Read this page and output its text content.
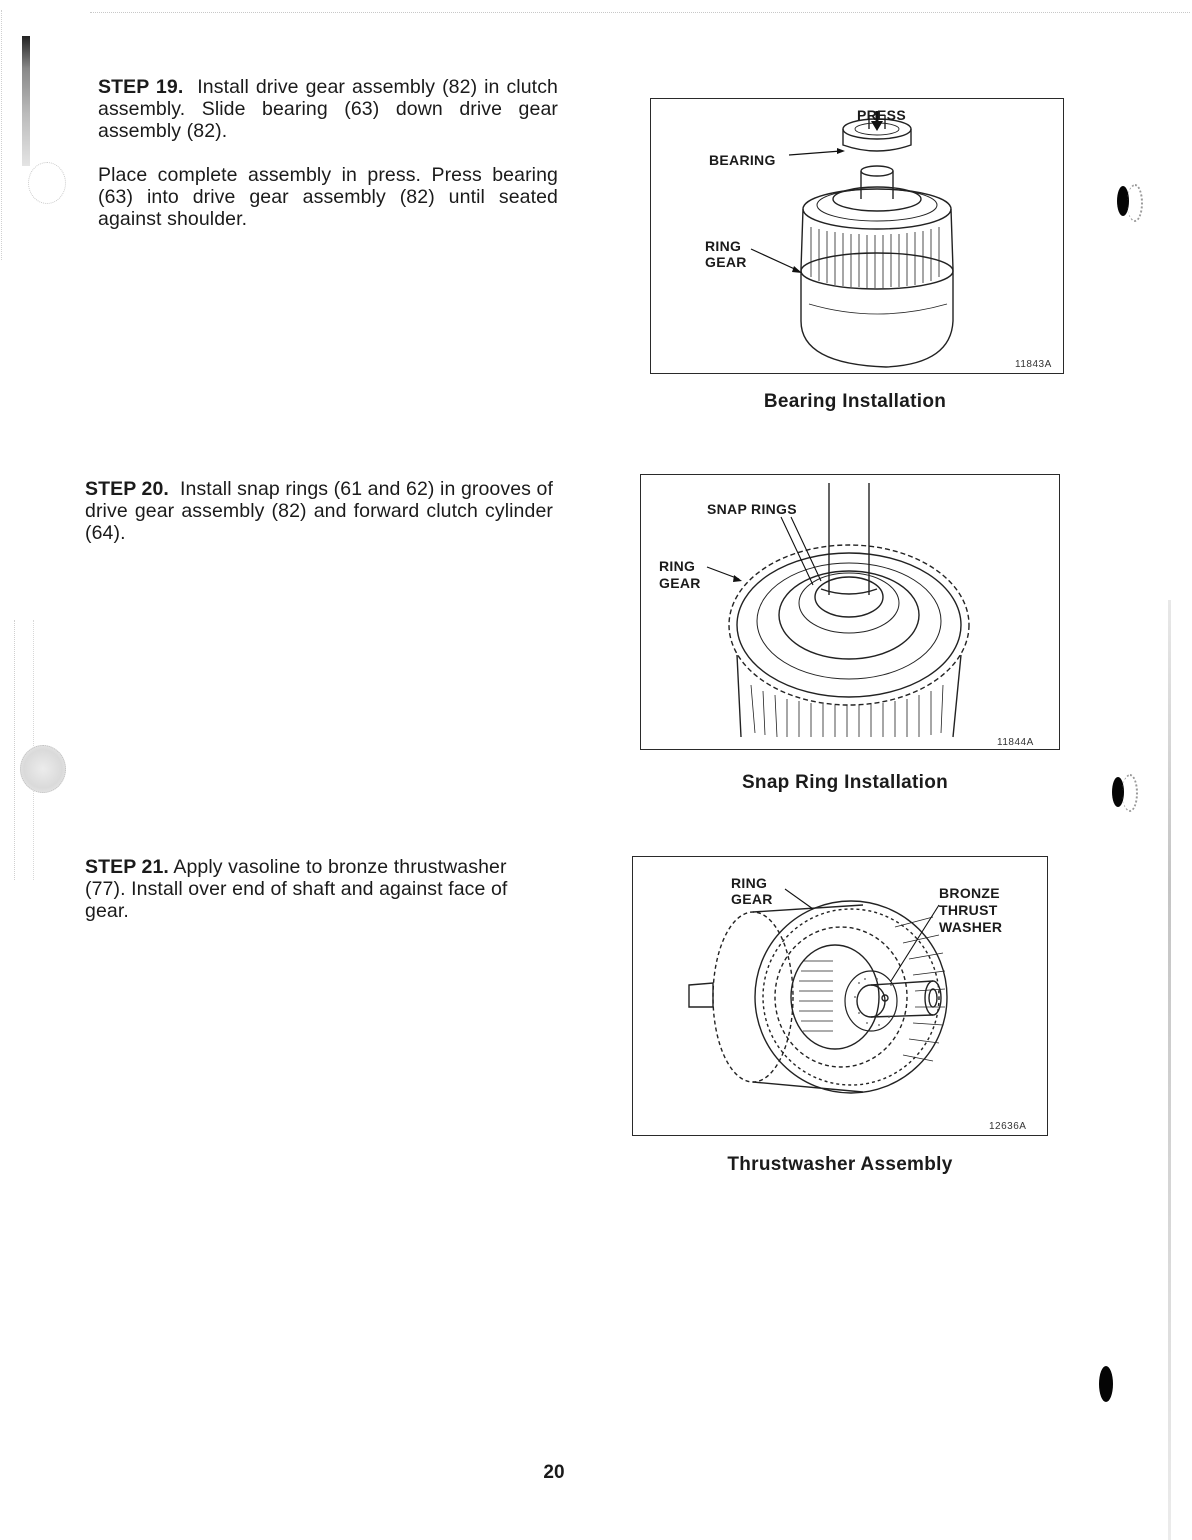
STEP 19. Install drive gear assembly (82) in clutch assembly. Slide bearing (63) down drive gear assembly (82).

Place complete assembly in press. Press bearing (63) into drive gear assembly (82) until seated against shoulder.

PRESS
BEARING
RING
GEAR
11843A
Bearing Installation

STEP 20. Install snap rings (61 and 62) in grooves of drive gear assembly (82) and forward clutch cylinder (64).

SNAP RINGS
RING
GEAR
11844A
Snap Ring Installation

STEP 21. Apply vasoline to bronze thrustwasher (77). Install over end of shaft and against face of gear.

RING
GEAR	BRONZE
THRUST
WASHER
12636A
Thrustwasher Assembly
20
